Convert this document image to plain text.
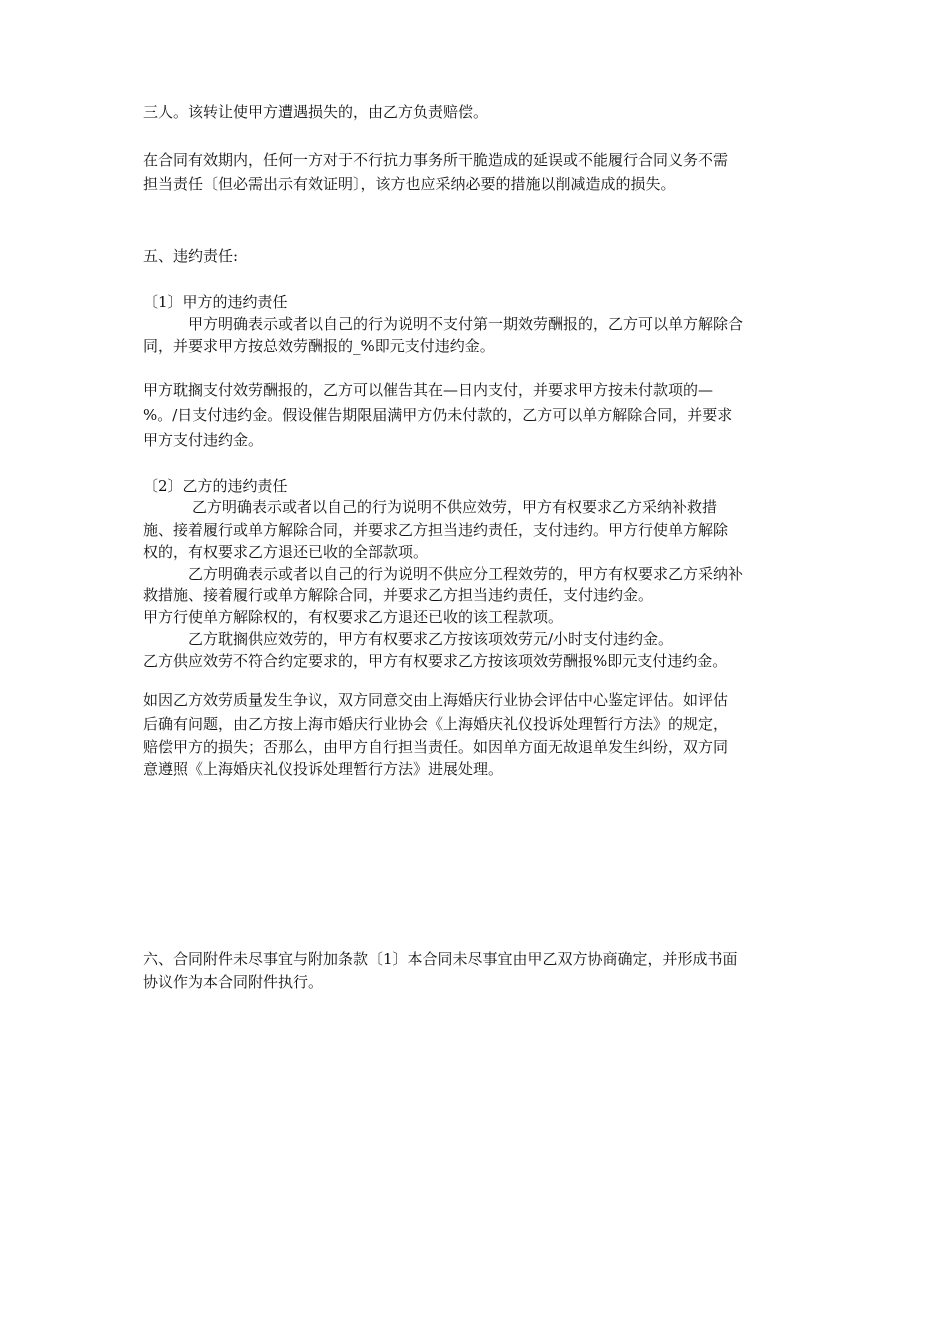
三人。该转让使甲方遭遇损失的，由乙方负责赔偿。
在合同有效期内，任何一方对于不行抗力事务所干脆造成的延误或不能履行合同义务不需
担当责任〔但必需出示有效证明〕，该方也应采纳必要的措施以削减造成的损失。
五、违约责任:
〔1〕甲方的违约责任
甲方明确表示或者以自己的行为说明不支付第一期效劳酬报的，乙方可以单方解除合
同，并要求甲方按总效劳酬报的_%即元支付违约金。
甲方耽搁支付效劳酬报的，乙方可以催告其在—日内支付，并要求甲方按未付款项的—
%。/日支付违约金。假设催告期限届满甲方仍未付款的，乙方可以单方解除合同，并要求
甲方支付违约金。
〔2〕乙方的违约责任
乙方明确表示或者以自己的行为说明不供应效劳，甲方有权要求乙方采纳补救措
施、接着履行或单方解除合同，并要求乙方担当违约责任，支付违约。甲方行使单方解除
权的，有权要求乙方退还已收的全部款项。
乙方明确表示或者以自己的行为说明不供应分工程效劳的，甲方有权要求乙方采纳补
救措施、接着履行或单方解除合同，并要求乙方担当违约责任，支付违约金。
甲方行使单方解除权的，有权要求乙方退还已收的该工程款项。
乙方耽搁供应效劳的，甲方有权要求乙方按该项效劳元/小时支付违约金。
乙方供应效劳不符合约定要求的，甲方有权要求乙方按该项效劳酬报%即元支付违约金。
如因乙方效劳质量发生争议，双方同意交由上海婚庆行业协会评估中心鉴定评估。如评估
后确有问题，由乙方按上海市婚庆行业协会《上海婚庆礼仪投诉处理暂行方法》的规定，
赔偿甲方的损失；否那么，由甲方自行担当责任。如因单方面无故退单发生纠纷，双方同
意遵照《上海婚庆礼仪投诉处理暂行方法》进展处理。
六、合同附件未尽事宜与附加条款〔1〕本合同未尽事宜由甲乙双方协商确定，并形成书面
协议作为本合同附件执行。
